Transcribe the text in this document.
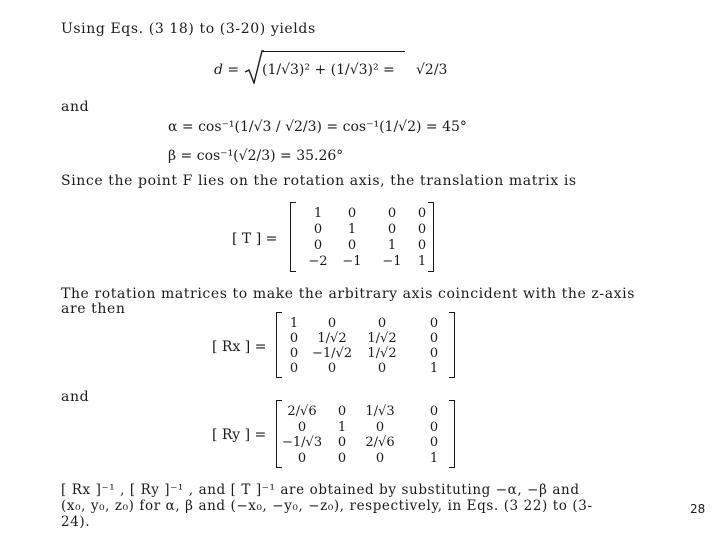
Using Eqs. (3 18) to (3-20) yields
d = (1/√3)² + (1/√3)² = √2/3
and
α = cos⁻¹(1/√3 / √2/3) = cos⁻¹(1/√2) = 45°
β = cos⁻¹(√2/3) = 35.26°
Since the point F lies on the rotation axis, the translation matrix is
[ T ] =
1	0	0	0
0	1	0	0
0	0	1	0
−2	−1	−1	1
The rotation matrices to make the arbitrary axis coincident with the z-axis
are then
[ Rx ] =
1	0	0	0
0	1/√2	1/√2	0
0	−1/√2	1/√2	0
0	0	0	1
and
[ Ry ] =
2/√6	0	1/√3	0
0	1	0	0
−1/√3	0	2/√6	0
0	0	0	1
[ Rx ]⁻¹ , [ Ry ]⁻¹ , and [ T ]⁻¹ are obtained by substituting −α, −β and
(x₀, y₀, z₀) for α, β and (−x₀, −y₀, −z₀), respectively, in Eqs. (3 22) to (3-
24).
28
